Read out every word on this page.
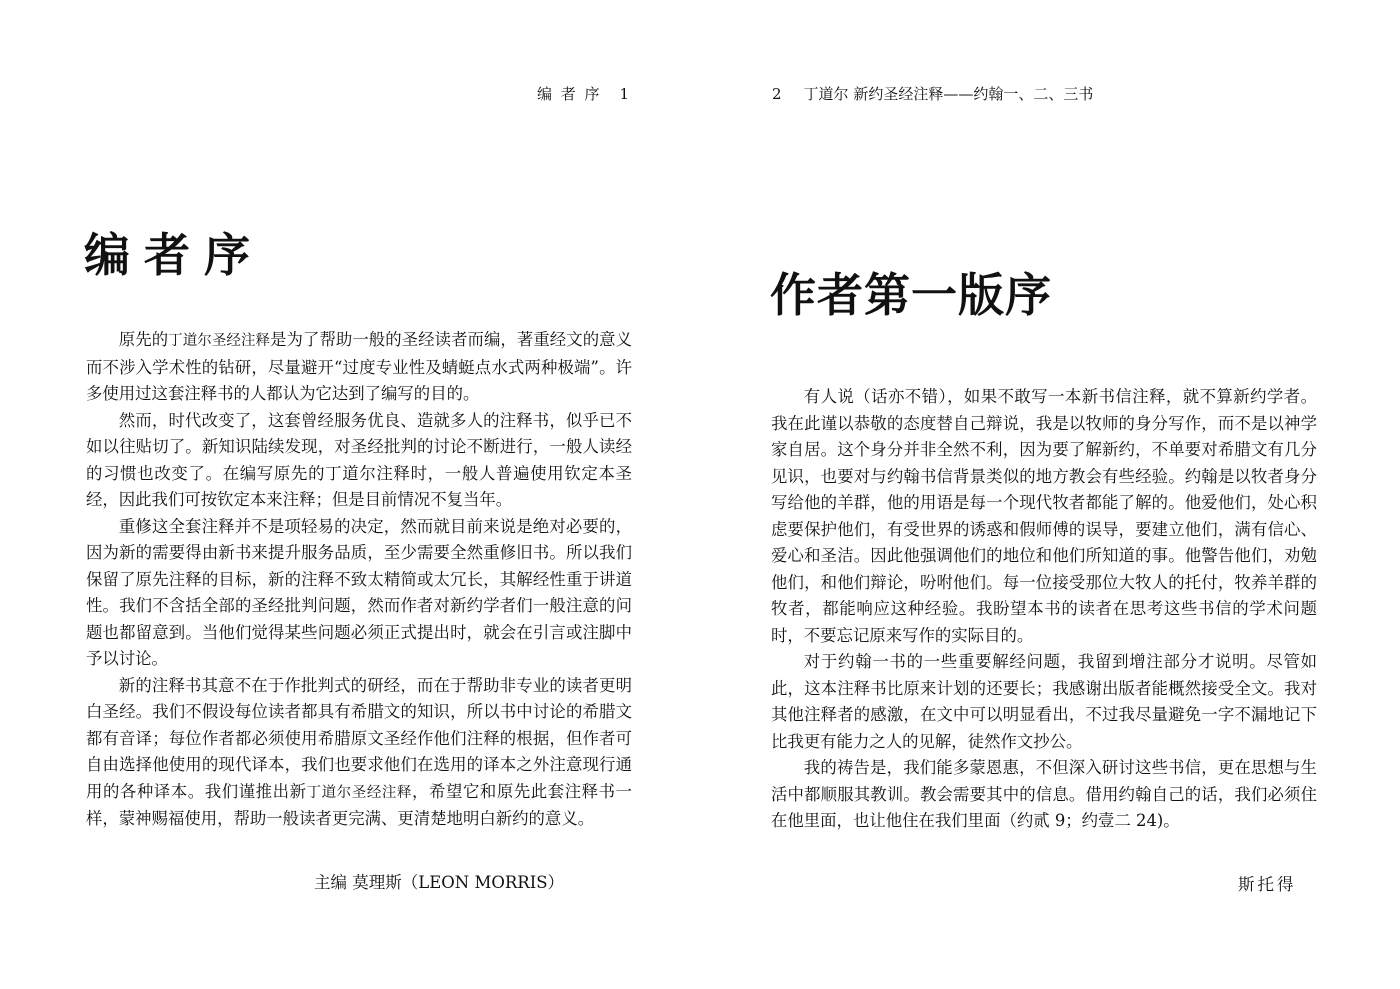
编 者 序 1
编者序

原先的丁道尔圣经注释是为了帮助一般的圣经读者而编，著重经文的意义而不涉入学术性的钻研，尽量避开“过度专业性及蜻蜓点水式两种极端”。许多使用过这套注释书的人都认为它达到了编写的目的。

然而，时代改变了，这套曾经服务优良、造就多人的注释书，似乎已不如以往贴切了。新知识陆续发现，对圣经批判的讨论不断进行，一般人读经的习惯也改变了。在编写原先的丁道尔注释时，一般人普遍使用钦定本圣经，因此我们可按钦定本来注释；但是目前情况不复当年。

重修这全套注释并不是项轻易的决定，然而就目前来说是绝对必要的，因为新的需要得由新书来提升服务品质，至少需要全然重修旧书。所以我们保留了原先注释的目标，新的注释不致太精简或太冗长，其解经性重于讲道性。我们不含括全部的圣经批判问题，然而作者对新约学者们一般注意的问题也都留意到。当他们觉得某些问题必须正式提出时，就会在引言或注脚中予以讨论。

新的注释书其意不在于作批判式的研经，而在于帮助非专业的读者更明白圣经。我们不假设每位读者都具有希腊文的知识，所以书中讨论的希腊文都有音译；每位作者都必须使用希腊原文圣经作他们注释的根据，但作者可自由选择他使用的现代译本，我们也要求他们在选用的译本之外注意现行通用的各种译本。我们谨推出新丁道尔圣经注释，希望它和原先此套注释书一样，蒙神赐福使用，帮助一般读者更完满、更清楚地明白新约的意义。

主编 莫理斯（LEON MORRIS）
2 丁道尔 新约圣经注释——约翰一、二、三书
作者第一版序

有人说（话亦不错），如果不敢写一本新书信注释，就不算新约学者。我在此谨以恭敬的态度替自己辩说，我是以牧师的身分写作，而不是以神学家自居。这个身分并非全然不利，因为要了解新约，不单要对希腊文有几分见识，也要对与约翰书信背景类似的地方教会有些经验。约翰是以牧者身分写给他的羊群，他的用语是每一个现代牧者都能了解的。他爱他们，处心积虑要保护他们，有受世界的诱惑和假师傅的误导，要建立他们，满有信心、爱心和圣洁。因此他强调他们的地位和他们所知道的事。他警告他们，劝勉他们，和他们辩论，吩咐他们。每一位接受那位大牧人的托付，牧养羊群的牧者，都能响应这种经验。我盼望本书的读者在思考这些书信的学术问题时，不要忘记原来写作的实际目的。

对于约翰一书的一些重要解经问题，我留到增注部分才说明。尽管如此，这本注释书比原来计划的还要长；我感谢出版者能概然接受全文。我对其他注释者的感激，在文中可以明显看出，不过我尽量避免一字不漏地记下比我更有能力之人的见解，徒然作文抄公。

我的祷告是，我们能多蒙恩惠，不但深入研讨这些书信，更在思想与生活中都顺服其教训。教会需要其中的信息。借用约翰自己的话，我们必须住在他里面，也让他住在我们里面（约贰 9；约壹二 24)。

斯托得
